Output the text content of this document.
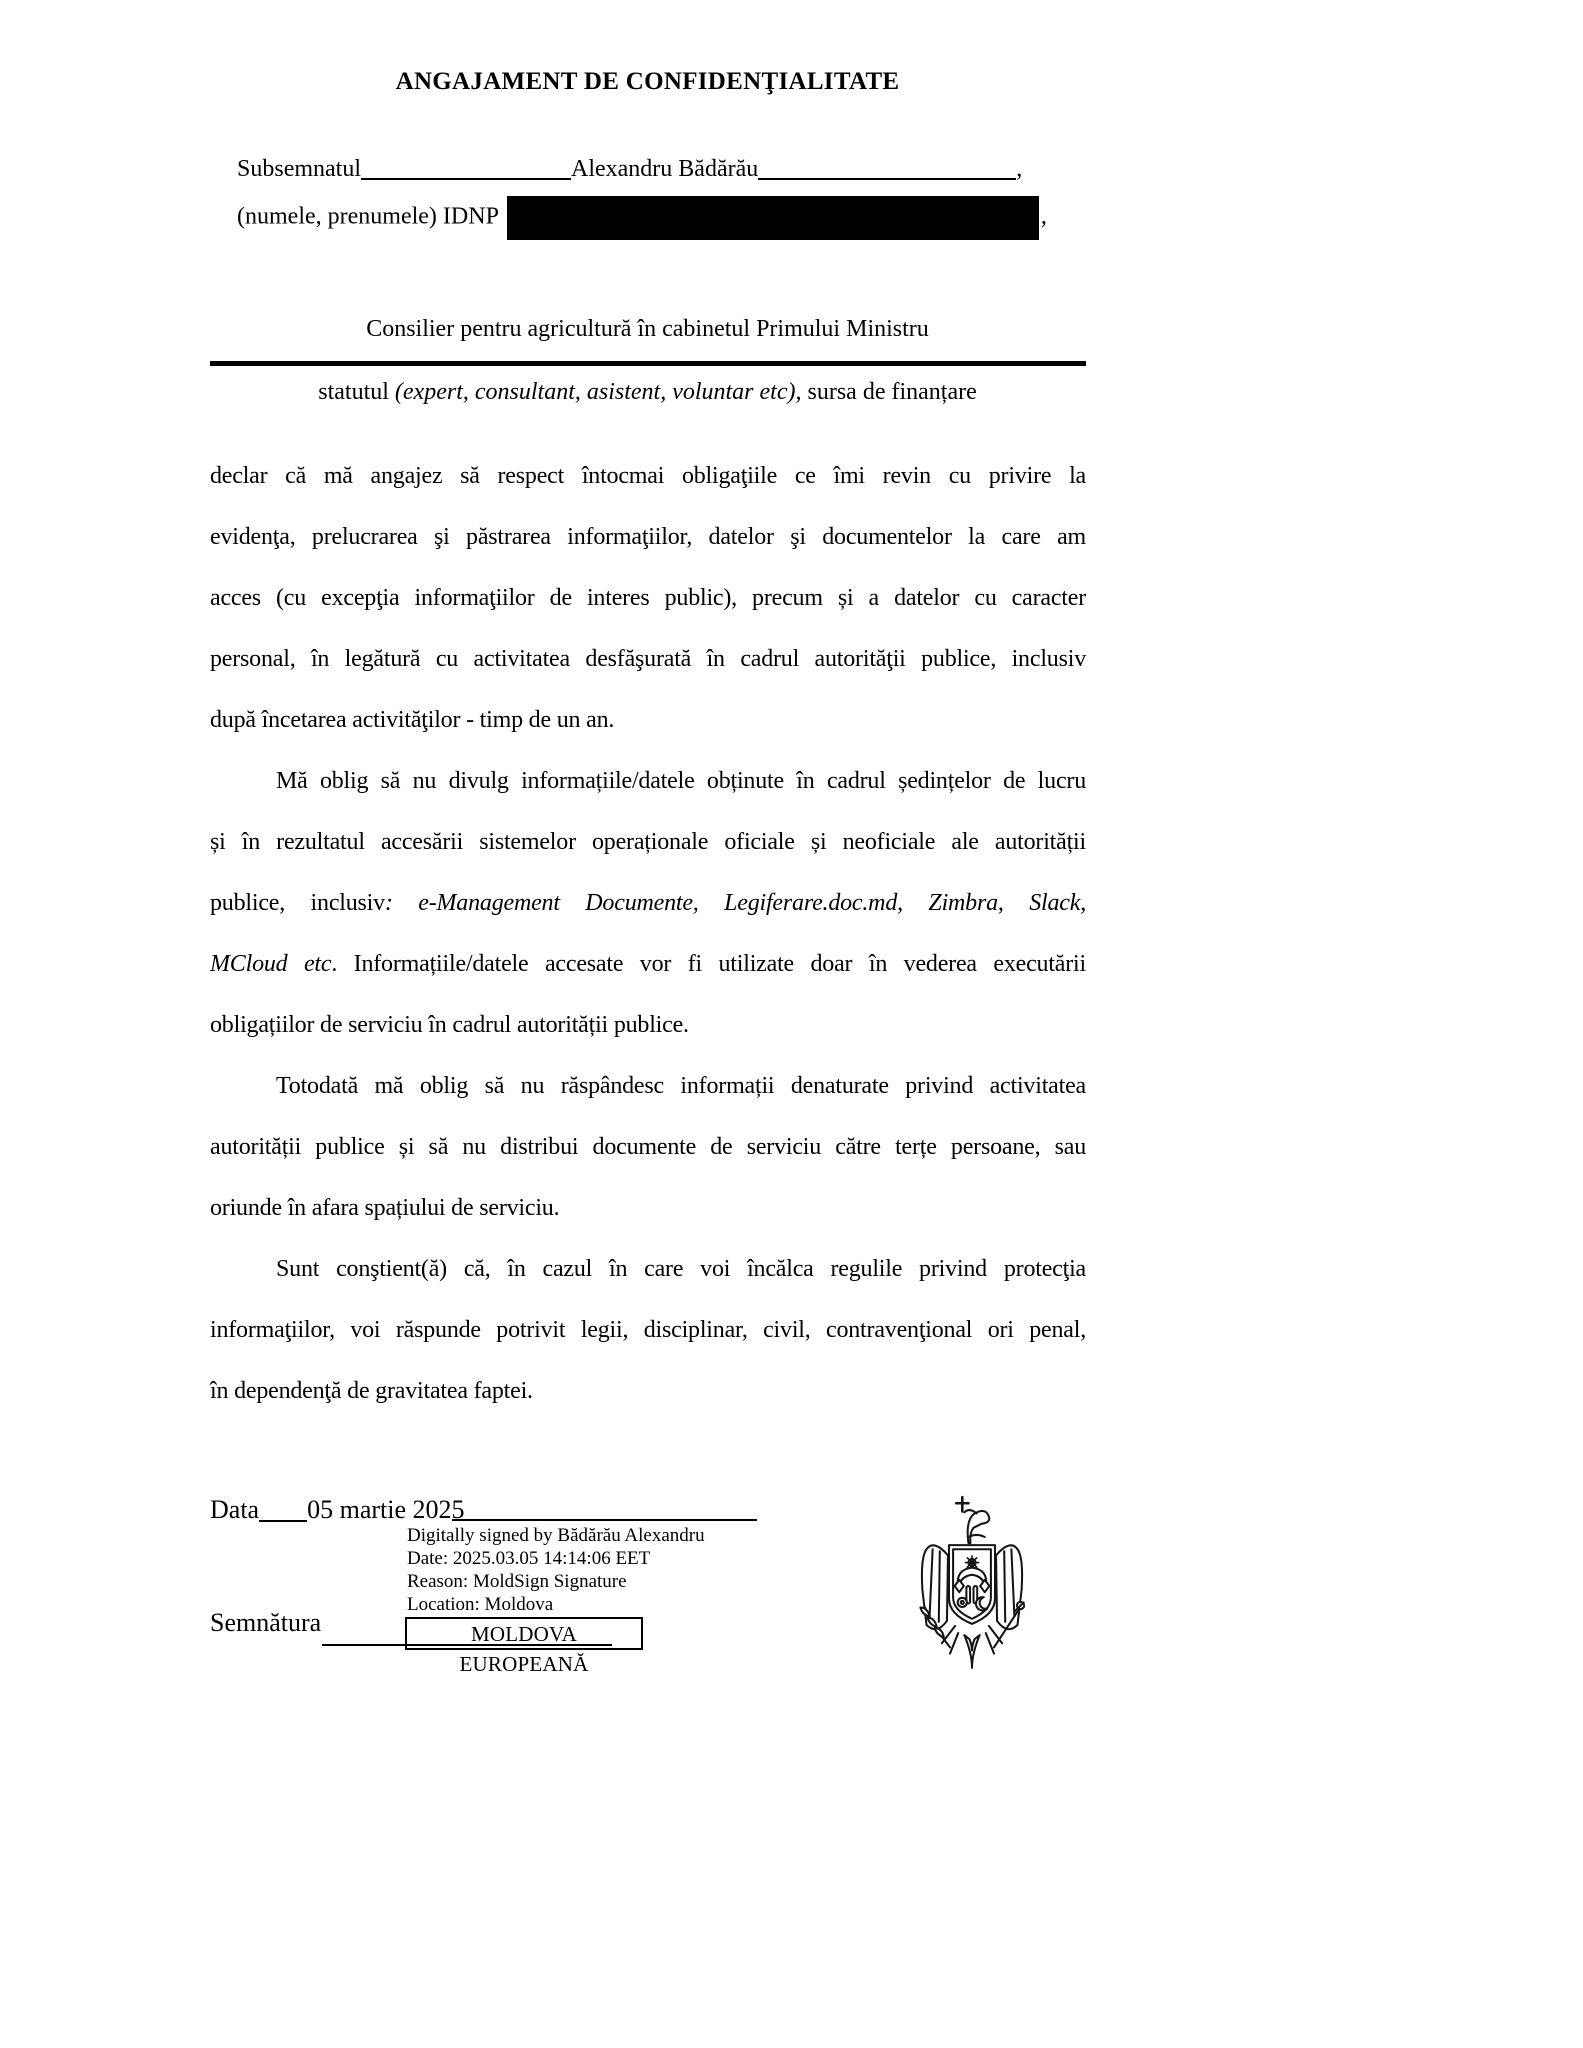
ANGAJAMENT DE CONFIDENŢIALITATE
Subsemnatul	Alexandru Bădărău	,
(numele, prenumele) IDNP	,
Consilier pentru agricultură în cabinetul Primului Ministru
statutul (expert, consultant, asistent, voluntar etc), sursa de finanțare
declar că mă angajez să respect întocmai obligaţiile ce îmi revin cu privire la
evidenţa, prelucrarea şi păstrarea informaţiilor, datelor şi documentelor la care am
acces (cu excepţia informaţiilor de interes public), precum și a datelor cu caracter
personal, în legătură cu activitatea desfăşurată în cadrul autorităţii publice, inclusiv
după încetarea activităţilor - timp de un an.
Mă oblig să nu divulg informațiile/datele obținute în cadrul ședințelor de lucru
și în rezultatul accesării sistemelor operaționale oficiale și neoficiale ale autorității
publice, inclusiv: e-Management Documente, Legiferare.doc.md, Zimbra, Slack,
MCloud etc. Informațiile/datele accesate vor fi utilizate doar în vederea executării
obligațiilor de serviciu în cadrul autorității publice.
Totodată mă oblig să nu răspândesc informații denaturate privind activitatea
autorității publice și să nu distribui documente de serviciu către terțe persoane, sau
oriunde în afara spațiului de serviciu.
Sunt conştient(ă) că, în cazul în care voi încălca regulile privind protecţia
informaţiilor, voi răspunde potrivit legii, disciplinar, civil, contravenţional ori penal,
în dependenţă de gravitatea faptei.
Data 05 martie 2025
Digitally signed by Bădărău Alexandru
Date: 2025.03.05 14:14:06 EET
Reason: MoldSign Signature
Location: Moldova
Semnătura	MOLDOVA EUROPEANĂ
